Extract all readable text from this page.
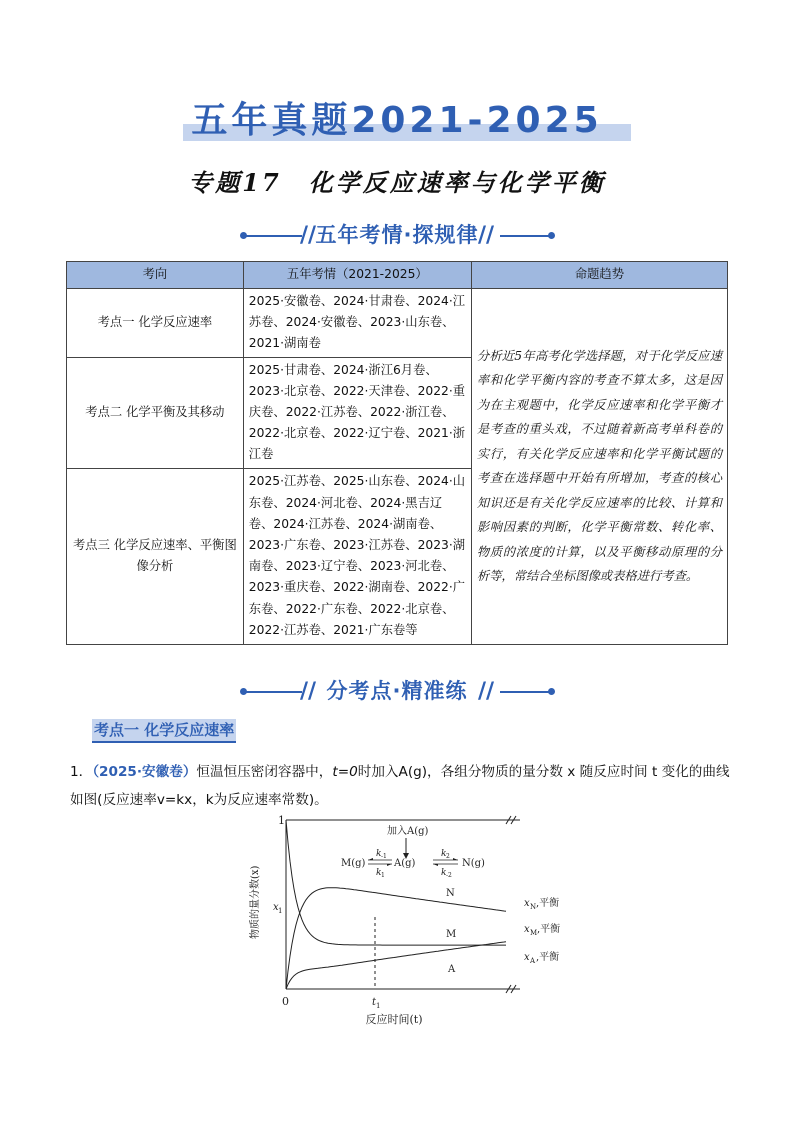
五年真题2021-2025
专题17　化学反应速率与化学平衡
//	//
五年考情·探规律
考向	五年考情（2021-2025）	命题趋势
考点一 化学反应速率	2025·安徽卷、2024·甘肃卷、2024·江苏卷、2024·安徽卷、2023·山东卷、2021·湖南卷	分析近5年高考化学选择题，对于化学反应速率和化学平衡内容的考查不算太多，这是因为在主观题中，化学反应速率和化学平衡才是考查的重头戏，不过随着新高考单科卷的实行，有关化学反应速率和化学平衡试题的考查在选择题中开始有所增加，考查的核心知识还是有关化学反应速率的比较、计算和影响因素的判断，化学平衡常数、转化率、物质的浓度的计算，以及平衡移动原理的分析等，常结合坐标图像或表格进行考查。
考点二 化学平衡及其移动	2025·甘肃卷、2024·浙江6月卷、2023·北京卷、2022·天津卷、2022·重庆卷、2022·江苏卷、2022·浙江卷、2022·北京卷、2022·辽宁卷、2021·浙江卷	
考点三 化学反应速率、平衡图像分析	2025·江苏卷、2025·山东卷、2024·山东卷、2024·河北卷、2024·黑吉辽卷、2024·江苏卷、2024·湖南卷、2023·广东卷、2023·江苏卷、2023·湖南卷、2023·辽宁卷、2023·河北卷、2023·重庆卷、2022·湖南卷、2022·广东卷、2022·广东卷、2022·北京卷、2022·江苏卷、2021·广东卷等	
//	//
分考点·精准练
考点一 化学反应速率
1．（2025·安徽卷）恒温恒压密闭容器中，t=0时加入A(g)，各组分物质的量分数 x 随反应时间 t 变化的曲线如图(反应速率v=kx，k为反应速率常数)。
1
0
x 1
t 1
反应时间(t)
物质的量分数(x)	N
M
A
x N ,平衡
x M ,平衡
x A ,平衡
加入A(g)
M(g)	A(g)	N(g)
k -1
k 1
k 2
k -2
